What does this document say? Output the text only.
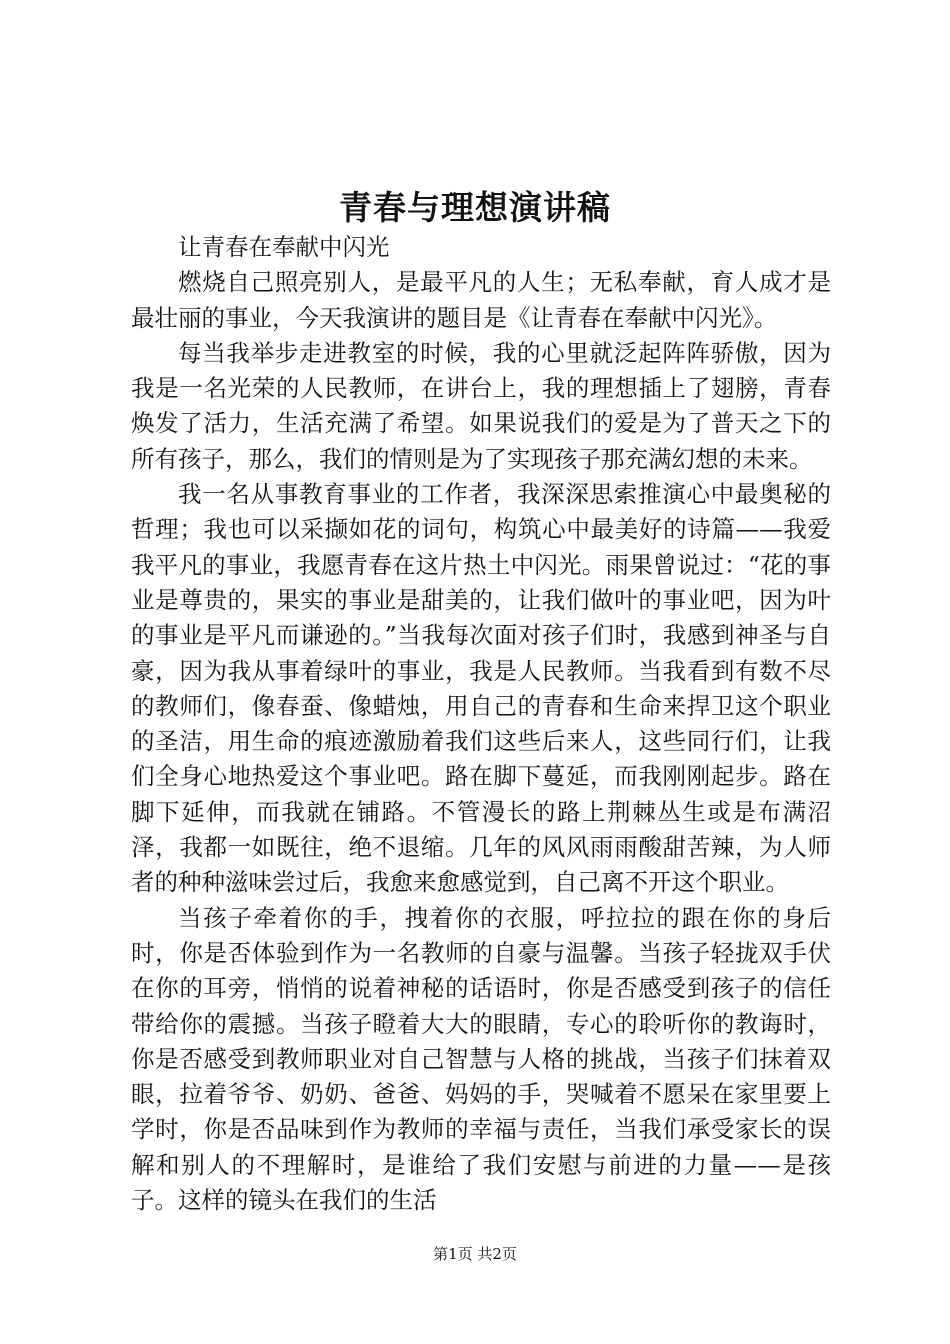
青春与理想演讲稿

让青春在奉献中闪光

燃烧自己照亮别人，是最平凡的人生；无私奉献，育人成才是最壮丽的事业，今天我演讲的题目是《让青春在奉献中闪光》。

每当我举步走进教室的时候，我的心里就泛起阵阵骄傲，因为我是一名光荣的人民教师，在讲台上，我的理想插上了翅膀，青春焕发了活力，生活充满了希望。如果说我们的爱是为了普天之下的所有孩子，那么，我们的情则是为了实现孩子那充满幻想的未来。

我一名从事教育事业的工作者，我深深思索推演心中最奥秘的哲理；我也可以采撷如花的词句，构筑心中最美好的诗篇——我爱我平凡的事业，我愿青春在这片热土中闪光。雨果曾说过：“花的事业是尊贵的，果实的事业是甜美的，让我们做叶的事业吧，因为叶的事业是平凡而谦逊的。”当我每次面对孩子们时，我感到神圣与自豪，因为我从事着绿叶的事业，我是人民教师。当我看到有数不尽的教师们，像春蚕、像蜡烛，用自己的青春和生命来捍卫这个职业的圣洁，用生命的痕迹激励着我们这些后来人，这些同行们，让我们全身心地热爱这个事业吧。路在脚下蔓延，而我刚刚起步。路在脚下延伸，而我就在铺路。不管漫长的路上荆棘丛生或是布满沼泽，我都一如既往，绝不退缩。几年的风风雨雨酸甜苦辣，为人师者的种种滋味尝过后，我愈来愈感觉到，自己离不开这个职业。

当孩子牵着你的手，拽着你的衣服，呼拉拉的跟在你的身后时，你是否体验到作为一名教师的自豪与温馨。当孩子轻拢双手伏在你的耳旁，悄悄的说着神秘的话语时，你是否感受到孩子的信任带给你的震撼。当孩子瞪着大大的眼睛，专心的聆听你的教诲时，你是否感受到教师职业对自己智慧与人格的挑战，当孩子们抹着双眼，拉着爷爷、奶奶、爸爸、妈妈的手，哭喊着不愿呆在家里要上学时，你是否品味到作为教师的幸福与责任，当我们承受家长的误解和别人的不理解时，是谁给了我们安慰与前进的力量——是孩子。这样的镜头在我们的生活

第1页 共2页
